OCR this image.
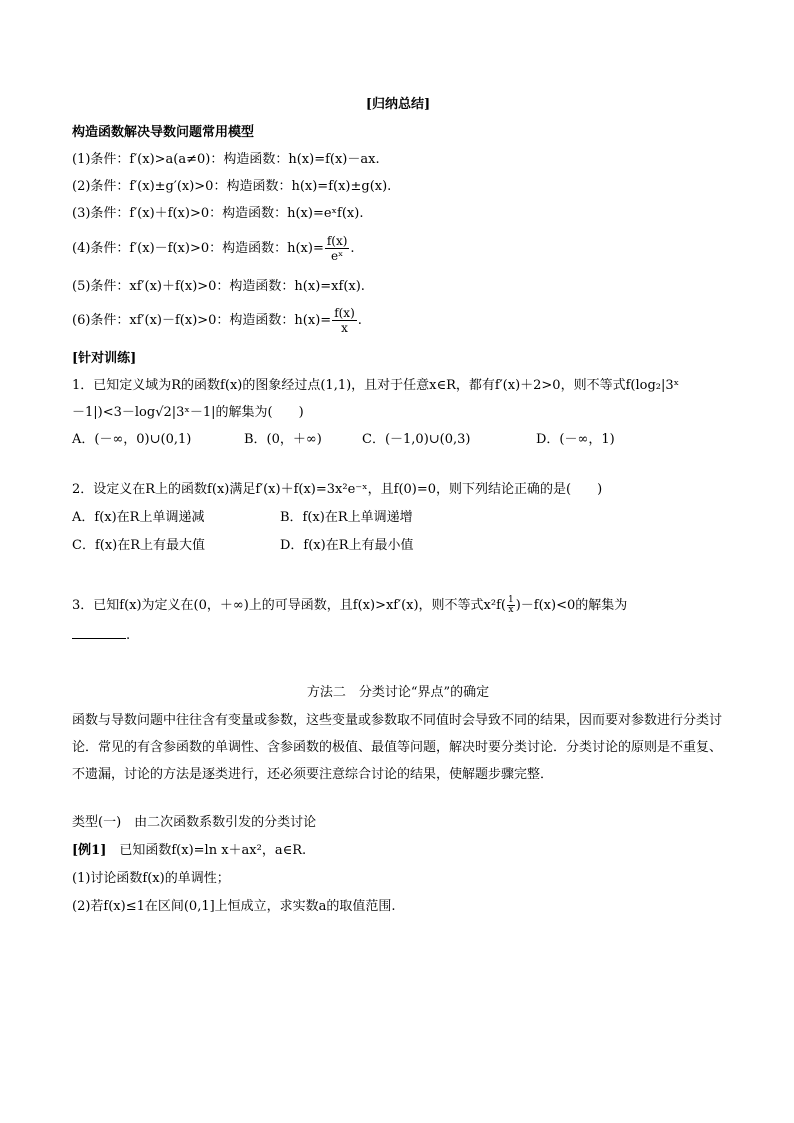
[归纳总结]
构造函数解决导数问题常用模型
(1)条件：f′(x)>a(a≠0)：构造函数：h(x)=f(x)－ax.
(2)条件：f′(x)±g′(x)>0：构造函数：h(x)=f(x)±g(x).
(3)条件：f′(x)＋f(x)>0：构造函数：h(x)=eˣf(x).
(4)条件：f′(x)－f(x)>0：构造函数：$h(x)= \frac{f(x)}{\text{eˣ}}$ .
(5)条件：xf′(x)＋f(x)>0：构造函数：h(x)=xf(x).
(6)条件：xf′(x)－f(x)>0：构造函数：$h(x)= \frac{f(x)}{x}$ .
[针对训练]
1．已知定义域为R的函数f(x)的图象经过点(1,1)，且对于任意x∈R，都有f′(x)＋2>0，则不等式f(log₂|3ˣ
－1|)<3－log√2|3ˣ－1|的解集为(　　)
A．(－∞，0)∪(0,1)	B．(0，＋∞)	C．(－1,0)∪(0,3)	D．(－∞，1)
2．设定义在R上的函数f(x)满足f′(x)＋f(x)=3x²e⁻ˣ，且f(0)=0，则下列结论正确的是(　　)
A．f(x)在R上单调递减	B．f(x)在R上单调递增
C．f(x)在R上有最大值	D．f(x)在R上有最小值
3．已知f(x)为定义在(0，＋∞)上的可导函数，且f(x)>xf′(x)，则不等式$x^2f( \frac{1}{x} )-f(x)<0$的解集为
.
方法二　分类讨论“界点”的确定
函数与导数问题中往往含有变量或参数，这些变量或参数取不同值时会导致不同的结果，因而要对参数进行分类讨论．常见的有含参函数的单调性、含参函数的极值、最值等问题，解决时要分类讨论．分类讨论的原则是不重复、不遗漏，讨论的方法是逐类进行，还必须要注意综合讨论的结果，使解题步骤完整．
类型(一)　由二次函数系数引发的分类讨论
[例1]　 已知函数f(x)=ln x＋ax²，a∈R.
(1)讨论函数f(x)的单调性；
(2)若f(x)≤1在区间(0,1]上恒成立，求实数a的取值范围.
